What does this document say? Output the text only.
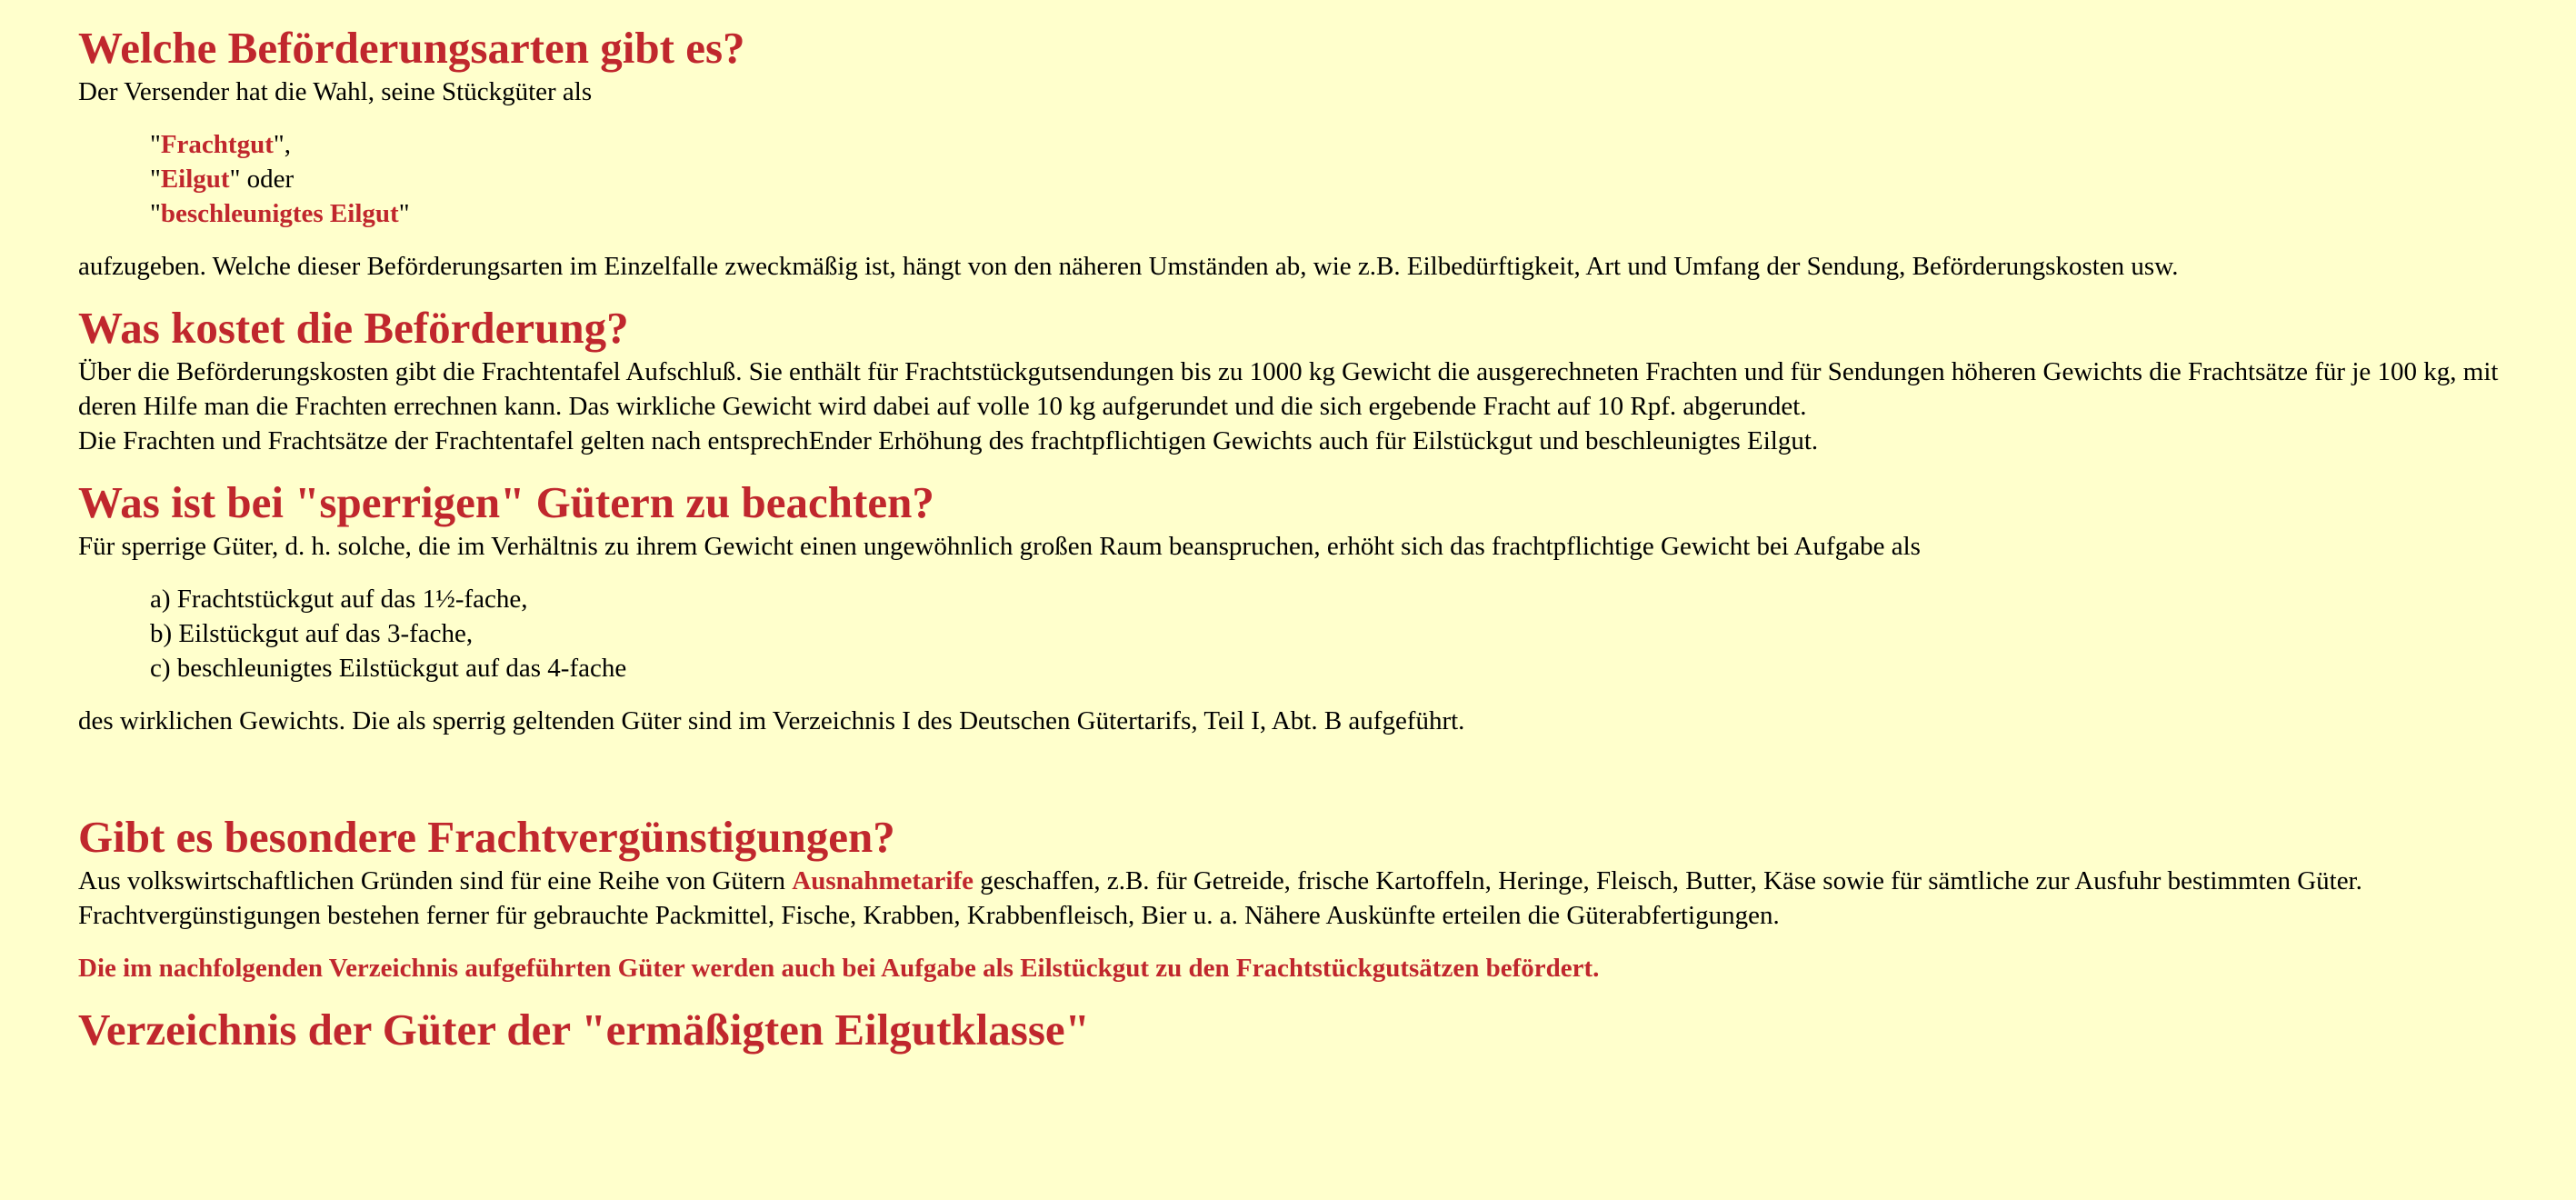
Welche Beförderungsarten gibt es?

Der Versender hat die Wahl, seine Stückgüter als

"Frachtgut",
"Eilgut" oder
"beschleunigtes Eilgut"

aufzugeben. Welche dieser Beförderungsarten im Einzelfalle zweckmäßig ist, hängt von den näheren Umständen ab, wie z.B. Eilbedürftigkeit, Art und Umfang der Sendung, Beförderungskosten usw.

Was kostet die Beförderung?

Über die Beförderungskosten gibt die Frachtentafel Aufschluß. Sie enthält für Frachtstückgutsendungen bis zu 1000 kg Gewicht die ausgerechneten Frachten und für Sendungen höheren Gewichts die Frachtsätze für je 100 kg, mit deren Hilfe man die Frachten errechnen kann. Das wirkliche Gewicht wird dabei auf volle 10 kg aufgerundet und die sich ergebende Fracht auf 10 Rpf. abgerundet.

Die Frachten und Frachtsätze der Frachtentafel gelten nach entsprechEnder Erhöhung des frachtpflichtigen Gewichts auch für Eilstückgut und beschleunigtes Eilgut.

Was ist bei "sperrigen" Gütern zu beachten?

Für sperrige Güter, d. h. solche, die im Verhältnis zu ihrem Gewicht einen ungewöhnlich großen Raum beanspruchen, erhöht sich das frachtpflichtige Gewicht bei Aufgabe als

a) Frachtstückgut auf das 1½-fache,
b) Eilstückgut auf das 3-fache,
c) beschleunigtes Eilstückgut auf das 4-fache

des wirklichen Gewichts. Die als sperrig geltenden Güter sind im Verzeichnis I des Deutschen Gütertarifs, Teil I, Abt. B aufgeführt.

Gibt es besondere Frachtvergünstigungen?

Aus volkswirtschaftlichen Gründen sind für eine Reihe von Gütern Ausnahmetarife geschaffen, z.B. für Getreide, frische Kartoffeln, Heringe, Fleisch, Butter, Käse sowie für sämtliche zur Ausfuhr bestimmten Güter.

Frachtvergünstigungen bestehen ferner für gebrauchte Packmittel, Fische, Krabben, Krabbenfleisch, Bier u. a. Nähere Auskünfte erteilen die Güterabfertigungen.

Die im nachfolgenden Verzeichnis aufgeführten Güter werden auch bei Aufgabe als Eilstückgut zu den Frachtstückgutsätzen befördert.

Verzeichnis der Güter der "ermäßigten Eilgutklasse"
